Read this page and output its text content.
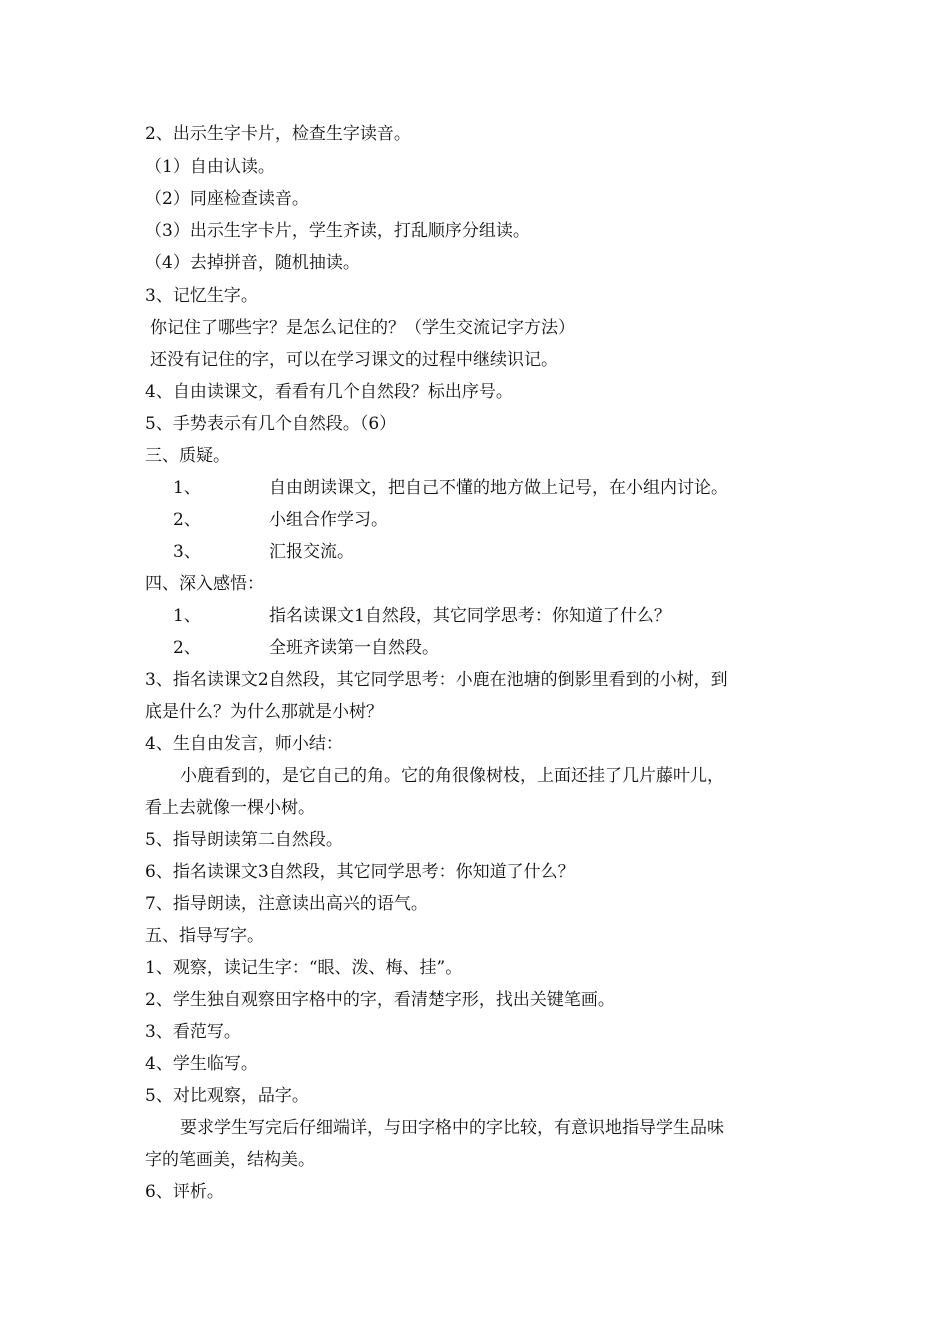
2、出示生字卡片，检查生字读音。
（1）自由认读。
（2）同座检查读音。
（3）出示生字卡片，学生齐读，打乱顺序分组读。
（4）去掉拼音，随机抽读。
3、记忆生字。
你记住了哪些字？是怎么记住的？（学生交流记字方法）
还没有记住的字，可以在学习课文的过程中继续识记。
4、自由读课文，看看有几个自然段？标出序号。
5、手势表示有几个自然段。（6）
三、质疑。
1、	自由朗读课文，把自己不懂的地方做上记号，在小组内讨论。
2、	小组合作学习。
3、	汇报交流。
四、深入感悟：
1、	指名读课文1自然段，其它同学思考：你知道了什么？
2、	全班齐读第一自然段。
3、指名读课文2自然段，其它同学思考：小鹿在池塘的倒影里看到的小树，到
底是什么？为什么那就是小树？
4、生自由发言，师小结：
小鹿看到的，是它自己的角。它的角很像树枝，上面还挂了几片藤叶儿，
看上去就像一棵小树。
5、指导朗读第二自然段。
6、指名读课文3自然段，其它同学思考：你知道了什么？
7、指导朗读，注意读出高兴的语气。
五、指导写字。
1、观察，读记生字：“眼、泼、梅、挂”。
2、学生独自观察田字格中的字，看清楚字形，找出关键笔画。
3、看范写。
4、学生临写。
5、对比观察，品字。
要求学生写完后仔细端详，与田字格中的字比较，有意识地指导学生品味
字的笔画美，结构美。
6、评析。
